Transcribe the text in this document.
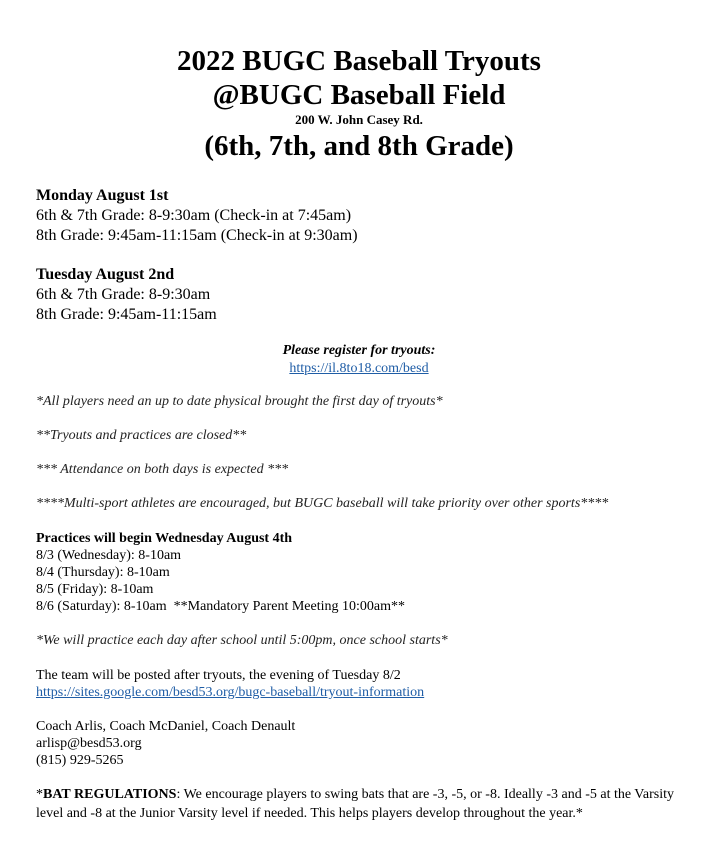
2022 BUGC Baseball Tryouts
@BUGC Baseball Field
200 W. John Casey Rd.
(6th, 7th, and 8th Grade)
Monday August 1st
6th & 7th Grade: 8-9:30am (Check-in at 7:45am)
8th Grade: 9:45am-11:15am (Check-in at 9:30am)
Tuesday August 2nd
6th & 7th Grade: 8-9:30am
8th Grade: 9:45am-11:15am
Please register for tryouts:
https://il.8to18.com/besd
*All players need an up to date physical brought the first day of tryouts*
**Tryouts and practices are closed**
*** Attendance on both days is expected ***
****Multi-sport athletes are encouraged, but BUGC baseball will take priority over other sports****
Practices will begin Wednesday August 4th
8/3 (Wednesday): 8-10am
8/4 (Thursday): 8-10am
8/5 (Friday): 8-10am
8/6 (Saturday): 8-10am  **Mandatory Parent Meeting 10:00am**
*We will practice each day after school until 5:00pm, once school starts*
The team will be posted after tryouts, the evening of Tuesday 8/2
https://sites.google.com/besd53.org/bugc-baseball/tryout-information
Coach Arlis, Coach McDaniel, Coach Denault
arlisp@besd53.org
(815) 929-5265
*BAT REGULATIONS: We encourage players to swing bats that are -3, -5, or -8. Ideally -3 and -5 at the Varsity level and -8 at the Junior Varsity level if needed. This helps players develop throughout the year.*
